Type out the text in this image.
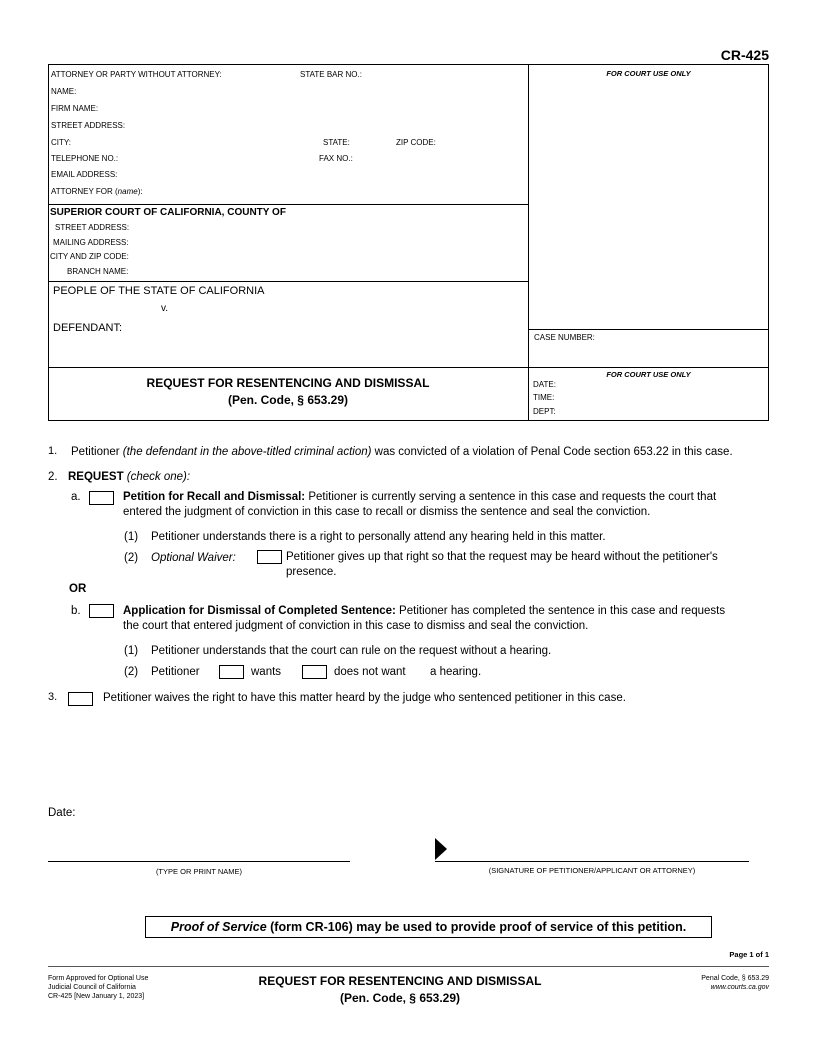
CR-425
ATTORNEY OR PARTY WITHOUT ATTORNEY:	STATE BAR NO.:
NAME:
FIRM NAME:
STREET ADDRESS:
CITY:	STATE:	ZIP CODE:
TELEPHONE NO.:	FAX NO.:
EMAIL ADDRESS:
ATTORNEY FOR (name):
SUPERIOR COURT OF CALIFORNIA, COUNTY OF
STREET ADDRESS:
MAILING ADDRESS:
CITY AND ZIP CODE:
BRANCH NAME:
PEOPLE OF THE STATE OF CALIFORNIA
v.
DEFENDANT:
FOR COURT USE ONLY
CASE NUMBER:
REQUEST FOR RESENTENCING AND DISMISSAL
(Pen. Code, § 653.29)
FOR COURT USE ONLY
DATE:
TIME:
DEPT:
1. Petitioner (the defendant in the above-titled criminal action) was convicted of a violation of Penal Code section 653.22 in this case.
2. REQUEST (check one):
a.	Petition for Recall and Dismissal: Petitioner is currently serving a sentence in this case and requests the court that
entered the judgment of conviction in this case to recall or dismiss the sentence and seal the conviction.
(1) Petitioner understands there is a right to personally attend any hearing held in this matter.
(2) Optional Waiver:	Petitioner gives up that right so that the request may be heard without the petitioner's
presence.
OR
b.	Application for Dismissal of Completed Sentence: Petitioner has completed the sentence in this case and requests
the court that entered judgment of conviction in this case to dismiss and seal the conviction.
(1) Petitioner understands that the court can rule on the request without a hearing.
(2) Petitioner	wants	does not want a hearing.
3.	Petitioner waives the right to have this matter heard by the judge who sentenced petitioner in this case.
Date:
(TYPE OR PRINT NAME)	(SIGNATURE OF PETITIONER/APPLICANT OR ATTORNEY)
Proof of Service (form CR-106) may be used to provide proof of service of this petition.
Page 1 of 1
Form Approved for Optional Use
Judicial Council of California
CR-425 [New January 1, 2023]
REQUEST FOR RESENTENCING AND DISMISSAL
(Pen. Code, § 653.29)
Penal Code, § 653.29
www.courts.ca.gov
